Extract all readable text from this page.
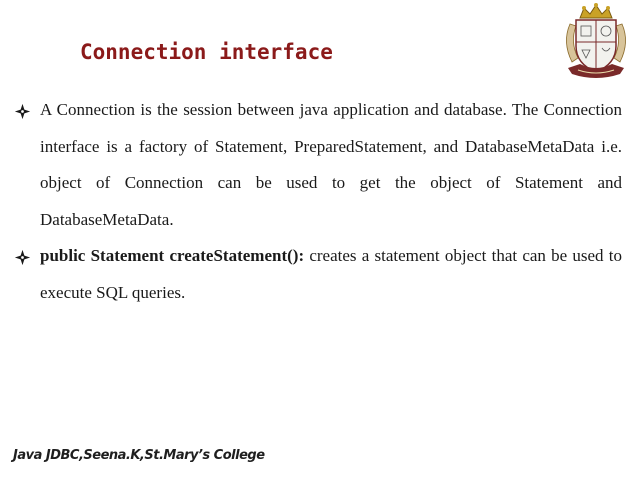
Connection interface
A Connection is the session between java application and database. The Connection interface is a factory of Statement, PreparedStatement, and DatabaseMetaData i.e. object of Connection can be used to get the object of Statement and DatabaseMetaData.
public Statement createStatement(): creates a statement object that can be used to execute SQL queries.
Java JDBC,Seena.K,St.Mary’s College
